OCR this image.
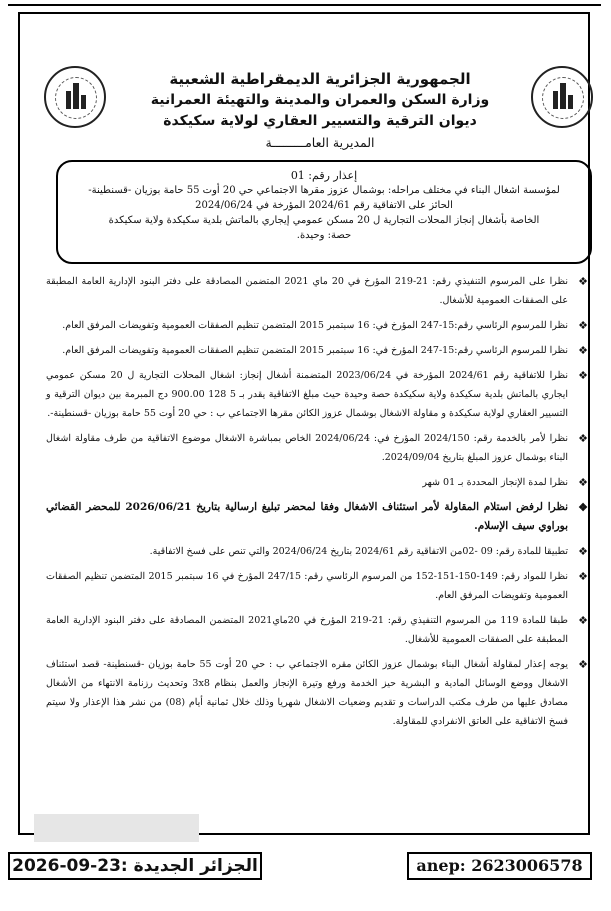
الجمهورية الجزائرية الديمقراطية الشعبية
وزارة السكن والعمران والمدينة والتهيئة العمرانية
ديوان الترقية والتسيير العقاري لولاية سكيكدة
المديرية العامـــــــــة
إعذار رقم: 01
لمؤسسة اشغال البناء في مختلف مراحله: بوشمال عزوز مقرها الاجتماعي حي 20 أوت 55 حامة بوزيان -قسنطينة-
الحائز على الاتفاقية رقم 2024/61 المؤرخة في 2024/06/24
الخاصة بأشغال إنجاز المحلات التجارية ل 20 مسكن عمومي إيجاري بالماتش بلدية سكيكدة ولاية سكيكدة
حصة: وحيدة.
❖
نظرا على المرسوم التنفيذي رقم: 21-219 المؤرخ في 20 ماي 2021 المتضمن المصادقة على دفتر البنود الإدارية العامة المطبقة على الصفقات العمومية للأشغال.
❖
نظرا للمرسوم الرئاسي رقم:15-247 المؤرخ في: 16 سبتمبر 2015 المتضمن تنظيم الصفقات العمومية وتفويضات المرفق العام.
❖
نظرا للمرسوم الرئاسي رقم:15-247 المؤرخ في: 16 سبتمبر 2015 المتضمن تنظيم الصفقات العمومية وتفويضات المرفق العام.
❖
نظرا للاتفاقية رقم 2024/61 المؤرخة في 2023/06/24 المتضمنة أشغال إنجاز: اشغال المحلات التجارية ل 20 مسكن عمومي ايجاري بالماتش بلدية سكيكدة ولاية سكيكدة حصة وحيدة حيث مبلغ الاتفاقية يقدر بـ 5 128 900.00 دج المبرمة بين ديوان الترقية و التسيير العقاري لولاية سكيكدة و مقاولة الاشغال بوشمال عزوز الكائن مقرها الاجتماعي ب : حي 20 أوت 55 حامة بوزيان -قسنطينة-.
❖
نظرا لأمر بالخدمة رقم: 2024/150 المؤرخ في: 2024/06/24 الخاص بمباشرة الاشغال موضوع الاتفاقية من طرف مقاولة اشغال البناء بوشمال عزوز المبلغ بتاريخ 2024/09/04.
❖
نظرا لمدة الإنجاز المحددة بـ 01 شهر
❖
نظرا لرفض استلام المقاولة لأمر استئناف الاشغال وفقا لمحضر تبليغ ارسالية بتاريخ 2026/06/21 للمحضر القضائي بوراوي سيف الإسلام.
❖
تطبيقا للمادة رقم: 09 -02من الاتفاقية رقم 2024/61 بتاريخ 2024/06/24 والتي تنص على فسخ الاتفاقية.
❖
نظرا للمواد رقم: 149-150-151-152 من المرسوم الرئاسي رقم: 247/15 المؤرخ في 16 سبتمبر 2015 المتضمن تنظيم الصفقات العمومية وتفويضات المرفق العام.
❖
طبقا للمادة 119 من المرسوم التنفيذي رقم: 21-219 المؤرخ في 20ماي2021 المتضمن المصادقة على دفتر البنود الإدارية العامة المطبقة على الصفقات العمومية للأشغال.
❖
يوجه إعذار لمقاولة أشغال البناء بوشمال عزوز الكائن مقره الاجتماعي ب : حي 20 أوت 55 حامة بوزيان -قسنطينة- قصد استئناف الاشغال ووضع الوسائل المادية و البشرية حيز الخدمة ورفع وتيرة الإنجاز والعمل بنظام 3x8 وتحديث رزنامة الانتهاء من الأشغال مصادق عليها من طرف مكتب الدراسات و تقديم وضعيات الاشغال شهريا وذلك خلال ثمانية أيام (08) من نشر هذا الإعذار ولا سيتم فسخ الاتفاقية على العاتق الانفرادي للمقاولة.
الجزائر الجديدة :23-09-2026	anep: 2623006578
